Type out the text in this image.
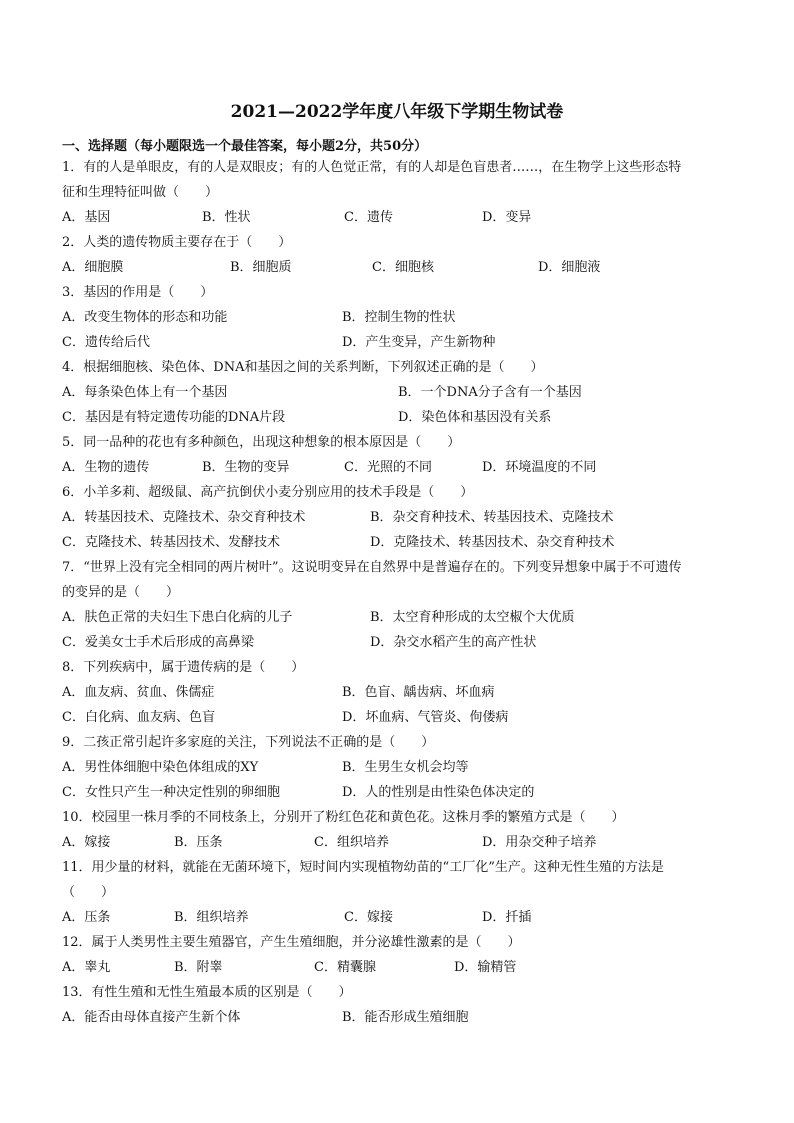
2021—2022学年度八年级下学期生物试卷
一、选择题（每小题限选一个最佳答案，每小题2分，共50分）
1．有的人是单眼皮，有的人是双眼皮；有的人色觉正常，有的人却是色盲患者……，在生物学上这些形态特
征和生理特征叫做（　　）
A．基因	B．性状	C．遗传	D．变异
2．人类的遗传物质主要存在于（　　）
A．细胞膜	B．细胞质	C．细胞核	D．细胞液
3．基因的作用是（　　）
A．改变生物体的形态和功能	B．控制生物的性状
C．遗传给后代	D．产生变异，产生新物种
4．根据细胞核、染色体、DNA和基因之间的关系判断，下列叙述正确的是（　　）
A．每条染色体上有一个基因	B．一个DNA分子含有一个基因
C．基因是有特定遗传功能的DNA片段	D．染色体和基因没有关系
5．同一品种的花也有多种颜色，出现这种想象的根本原因是（　　）
A．生物的遗传	B．生物的变异	C．光照的不同	D．环境温度的不同
6．小羊多莉、超级鼠、高产抗倒伏小麦分别应用的技术手段是（　　）
A．转基因技术、克隆技术、杂交育种技术	B．杂交育种技术、转基因技术、克隆技术
C．克隆技术、转基因技术、发酵技术	D．克隆技术、转基因技术、杂交育种技术
7．“世界上没有完全相同的两片树叶”。这说明变异在自然界中是普遍存在的。下列变异想象中属于不可遗传
的变异的是（　　）
A．肤色正常的夫妇生下患白化病的儿子	B．太空育种形成的太空椒个大优质
C．爱美女士手术后形成的高鼻梁	D．杂交水稻产生的高产性状
8．下列疾病中，属于遗传病的是（　　）
A．血友病、贫血、侏儒症	B．色盲、龋齿病、坏血病
C．白化病、血友病、色盲	D．坏血病、气管炎、佝偻病
9．二孩正常引起许多家庭的关注，下列说法不正确的是（　　）
A．男性体细胞中染色体组成的XY	B．生男生女机会均等
C．女性只产生一种决定性别的卵细胞	D．人的性别是由性染色体决定的
10．校园里一株月季的不同枝条上，分别开了粉红色花和黄色花。这株月季的繁殖方式是（　　）
A．嫁接	B．压条	C．组织培养	D．用杂交种子培养
11．用少量的材料，就能在无菌环境下，短时间内实现植物幼苗的“工厂化”生产。这种无性生殖的方法是
（　　）
A．压条	B．组织培养	C．嫁接	D．扦插
12．属于人类男性主要生殖器官，产生生殖细胞，并分泌雄性激素的是（　　）
A．睾丸	B．附睾	C．精囊腺	D．输精管
13．有性生殖和无性生殖最本质的区别是（　　）
A．能否由母体直接产生新个体	B．能否形成生殖细胞
